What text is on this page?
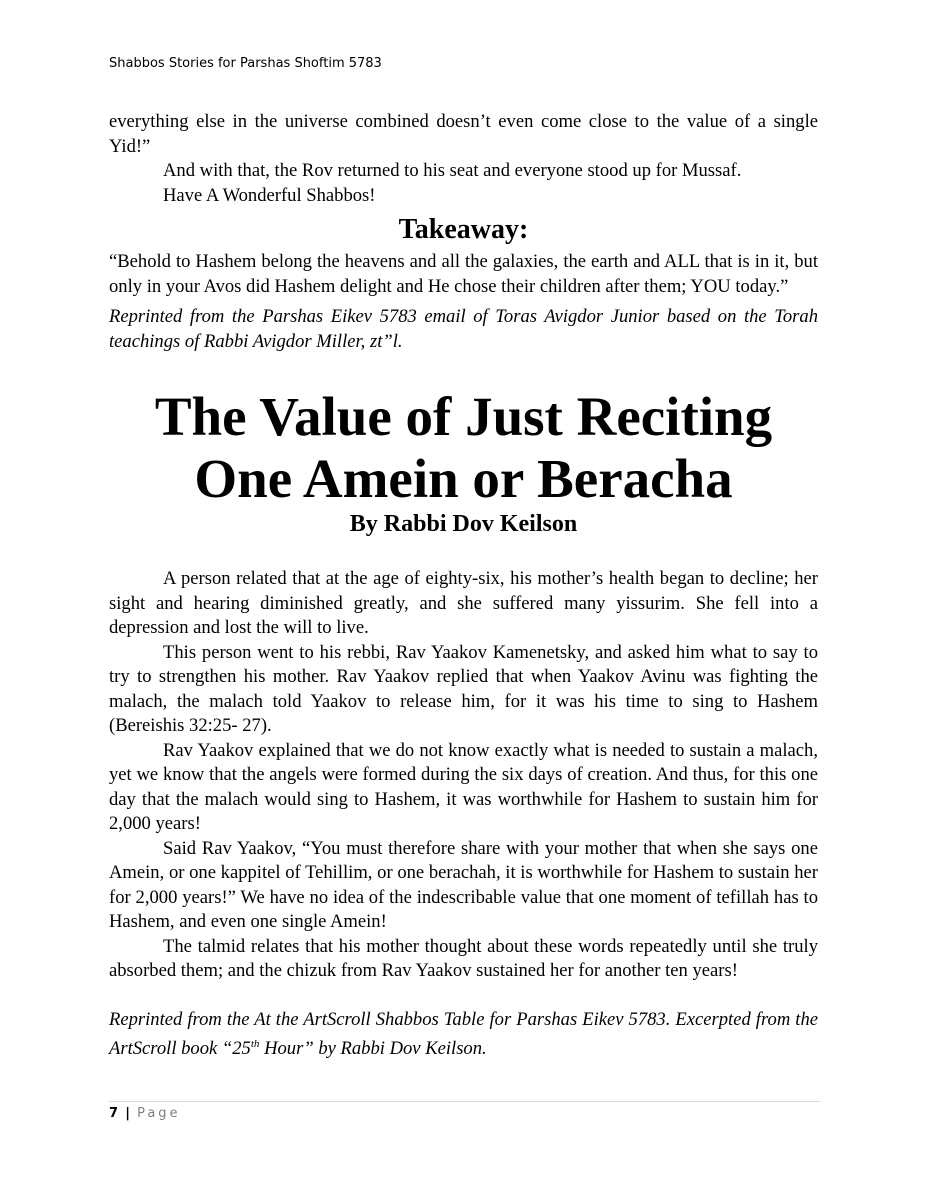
Shabbos Stories for Parshas Shoftim 5783

everything else in the universe combined doesn’t even come close to the value of a single Yid!”

And with that, the Rov returned to his seat and everyone stood up for Mussaf.

Have A Wonderful Shabbos!

Takeaway:

“Behold to Hashem belong the heavens and all the galaxies, the earth and ALL that is in it, but only in your Avos did Hashem delight and He chose their children after them; YOU today.”

Reprinted from the Parshas Eikev 5783 email of Toras Avigdor Junior based on the Torah teachings of Rabbi Avigdor Miller, zt”l.

The Value of Just Reciting
One Amein or Beracha
By Rabbi Dov Keilson

A person related that at the age of eighty-six, his mother’s health began to decline; her sight and hearing diminished greatly, and she suffered many yissurim. She fell into a depression and lost the will to live.

This person went to his rebbi, Rav Yaakov Kamenetsky, and asked him what to say to try to strengthen his mother. Rav Yaakov replied that when Yaakov Avinu was fighting the malach, the malach told Yaakov to release him, for it was his time to sing to Hashem (Bereishis 32:25- 27).

Rav Yaakov explained that we do not know exactly what is needed to sustain a malach, yet we know that the angels were formed during the six days of creation. And thus, for this one day that the malach would sing to Hashem, it was worthwhile for Hashem to sustain him for 2,000 years!

Said Rav Yaakov, “You must therefore share with your mother that when she says one Amein, or one kappitel of Tehillim, or one berachah, it is worthwhile for Hashem to sustain her for 2,000 years!” We have no idea of the indescribable value that one moment of tefillah has to Hashem, and even one single Amein!

The talmid relates that his mother thought about these words repeatedly until she truly absorbed them; and the chizuk from Rav Yaakov sustained her for another ten years!

Reprinted from the At the ArtScroll Shabbos Table for Parshas Eikev 5783. Excerpted from the ArtScroll book “25th Hour” by Rabbi Dov Keilson.

7 | Page
